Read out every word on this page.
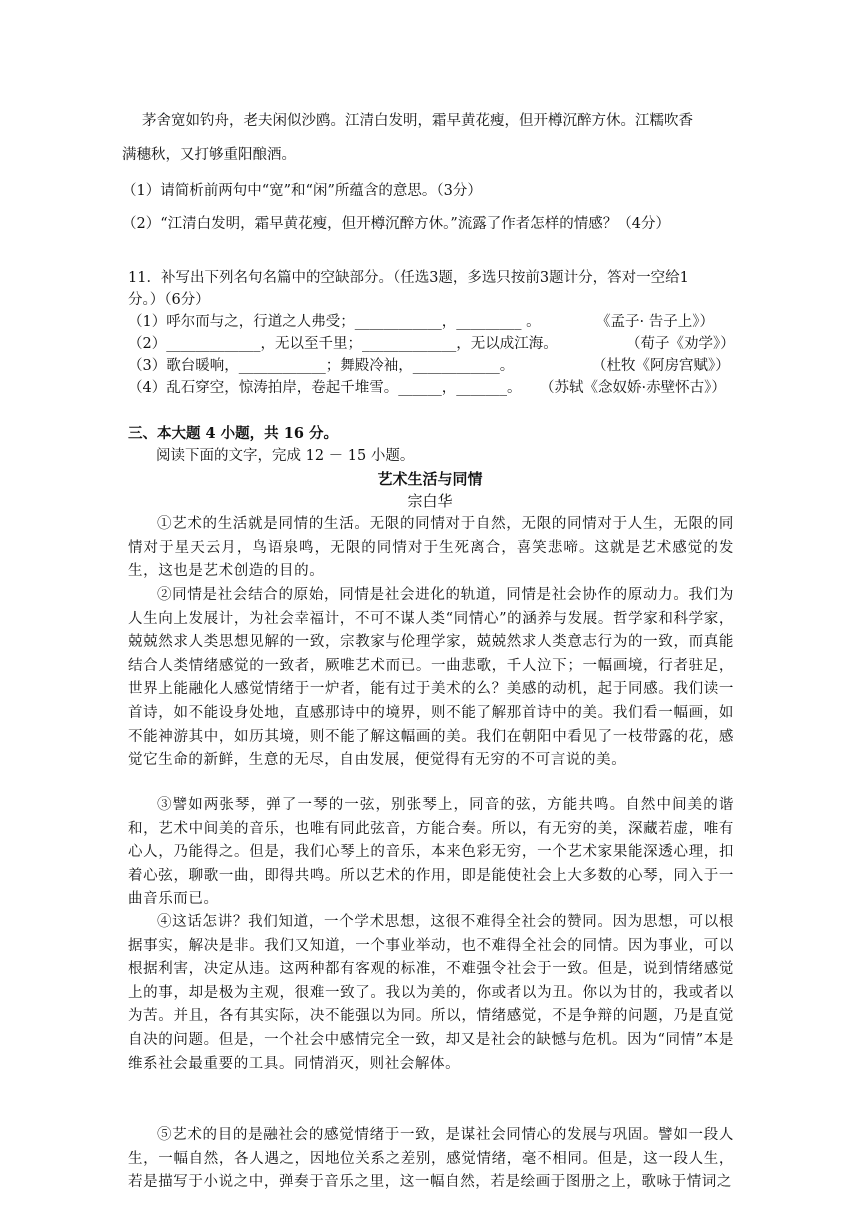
茅舍宽如钓舟，老夫闲似沙鸥。江清白发明，霜早黄花瘦，但开樽沉醉方休。江糯吹香
满穗秋，又打够重阳酿酒。
（1）请简析前两句中“宽”和“闲”所蕴含的意思。（3分）
（2）“江清白发明，霜早黄花瘦，但开樽沉醉方休。”流露了作者怎样的情感？（4分）
11．补写出下列名句名篇中的空缺部分。（任选3题，多选只按前3题计分，答对一空给1
分。）（6分）
（1）呼尔而与之，行道之人弗受；____________，_________ 。	《孟子· 告子上》）
（2）_____________，无以至千里；_____________，无以成江海。	（荀子《劝学》）
（3）歌台暖响，____________；舞殿冷袖，____________。	（杜牧《阿房宫赋》）
（4）乱石穿空，惊涛拍岸，卷起千堆雪。______，_______。 （苏轼《念奴娇·赤壁怀古》）
三、本大题 4 小题，共 16 分。
阅读下面的文字，完成 12 － 15 小题。
艺术生活与同情
宗白华
①艺术的生活就是同情的生活。无限的同情对于自然，无限的同情对于人生，无限的同情对于星天云月，鸟语泉鸣，无限的同情对于生死离合，喜笑悲啼。这就是艺术感觉的发生，这也是艺术创造的目的。
②同情是社会结合的原始，同情是社会进化的轨道，同情是社会协作的原动力。我们为人生向上发展计，为社会幸福计，不可不谋人类“同情心”的涵养与发展。哲学家和科学家，兢兢然求人类思想见解的一致，宗教家与伦理学家，兢兢然求人类意志行为的一致，而真能结合人类情绪感觉的一致者，厥唯艺术而已。一曲悲歌，千人泣下；一幅画境，行者驻足，世界上能融化人感觉情绪于一炉者，能有过于美术的么？美感的动机，起于同感。我们读一首诗，如不能设身处地，直感那诗中的境界，则不能了解那首诗中的美。我们看一幅画，如不能神游其中，如历其境，则不能了解这幅画的美。我们在朝阳中看见了一枝带露的花，感觉它生命的新鲜，生意的无尽，自由发展，便觉得有无穷的不可言说的美。
③譬如两张琴，弹了一琴的一弦，别张琴上，同音的弦，方能共鸣。自然中间美的谐和，艺术中间美的音乐，也唯有同此弦音，方能合奏。所以，有无穷的美，深藏若虚，唯有心人，乃能得之。但是，我们心琴上的音乐，本来色彩无穷，一个艺术家果能深透心理，扣着心弦，聊歌一曲，即得共鸣。所以艺术的作用，即是能使社会上大多数的心琴，同入于一曲音乐而已。
④这话怎讲？我们知道，一个学术思想，这很不难得全社会的赞同。因为思想，可以根据事实，解决是非。我们又知道，一个事业举动，也不难得全社会的同情。因为事业，可以根据利害，决定从违。这两种都有客观的标准，不难强令社会于一致。但是，说到情绪感觉上的事，却是极为主观，很难一致了。我以为美的，你或者以为丑。你以为甘的，我或者以为苦。并且，各有其实际，决不能强以为同。所以，情绪感觉，不是争辩的问题，乃是直觉自决的问题。但是，一个社会中感情完全一致，却又是社会的缺憾与危机。因为“同情”本是维系社会最重要的工具。同情消灭，则社会解体。
⑤艺术的目的是融社会的感觉情绪于一致，是谋社会同情心的发展与巩固。譬如一段人生，一幅自然，各人遇之，因地位关系之差别，感觉情绪，毫不相同。但是，这一段人生，若是描写于小说之中，弹奏于音乐之里，这一幅自然，若是绘画于图册之上，歌咏于情词之
